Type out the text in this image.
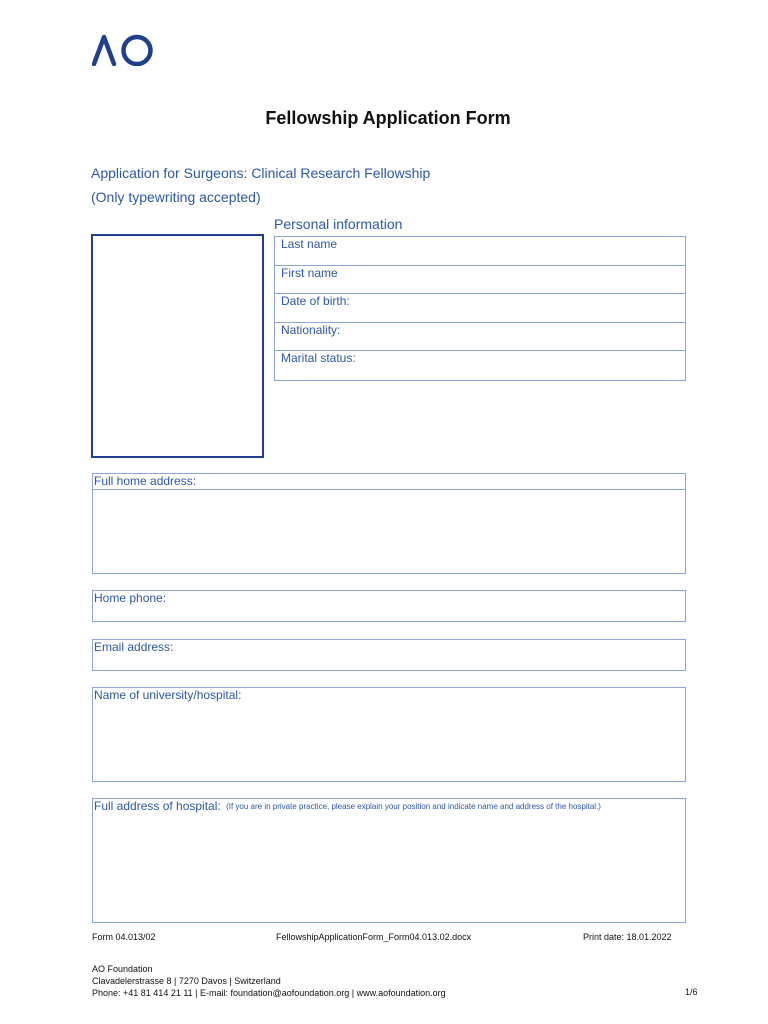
Fellowship Application Form
Application for Surgeons: Clinical Research Fellowship
(Only typewriting accepted)
Personal information
Last name
First name
Date of birth:
Nationality:
Marital status:
Full home address:
Home phone:
Email address:
Name of university/hospital:
Full address of hospital: (If you are in private practice, please explain your position and indicate name and address of the hospital.)
Form 04.013/02	FellowshipApplicationForm_Form04.013.02.docx	Print date: 18.01.2022
AO Foundation
Clavadelerstrasse 8 | 7270 Davos | Switzerland
Phone: +41 81 414 21 11 | E-mail: foundation@aofoundation.org | www.aofoundation.org	1/6
